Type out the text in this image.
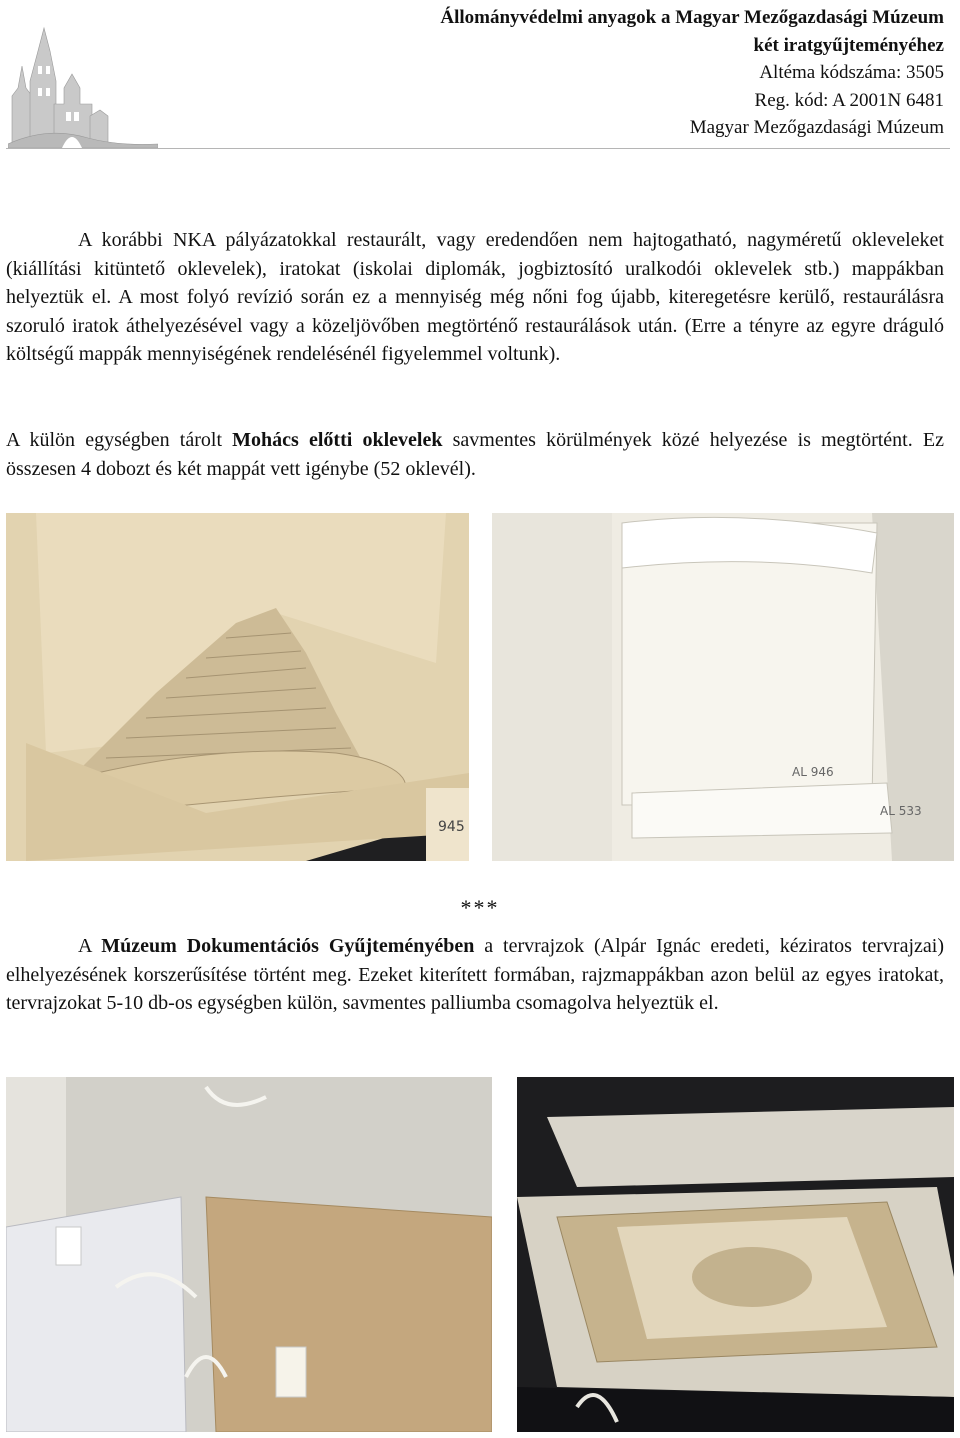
Állományvédelmi anyagok a Magyar Mezőgazdasági Múzeum
két iratgyűjteményéhez
Altéma kódszáma: 3505
Reg. kód: A 2001N 6481
Magyar Mezőgazdasági Múzeum
A korábbi NKA pályázatokkal restaurált, vagy eredendően nem hajtogatható, nagyméretű okleveleket (kiállítási kitüntető oklevelek), iratokat (iskolai diplomák, jogbiztosító uralkodói oklevelek stb.) mappákban helyeztük el. A most folyó revízió során ez a mennyiség még nőni fog újabb, kiteregetésre kerülő, restaurálásra szoruló iratok áthelyezésével vagy a közeljövőben megtörténő restaurálások után. (Erre a tényre az egyre dráguló költségű mappák mennyiségének rendelésénél figyelemmel voltunk).
A külön egységben tárolt Mohács előtti oklevelek savmentes körülmények közé helyezése is megtörtént. Ez összesen 4 dobozt és két mappát vett igénybe (52 oklevél).
945
AL 946
AL 533
***
A Múzeum Dokumentációs Gyűjteményében a tervrajzok (Alpár Ignác eredeti, kéziratos tervrajzai) elhelyezésének korszerűsítése történt meg. Ezeket kiterített formában, rajzmappákban azon belül az egyes iratokat, tervrajzokat 5-10 db-os egységben külön, savmentes palliumba csomagolva helyeztük el.
